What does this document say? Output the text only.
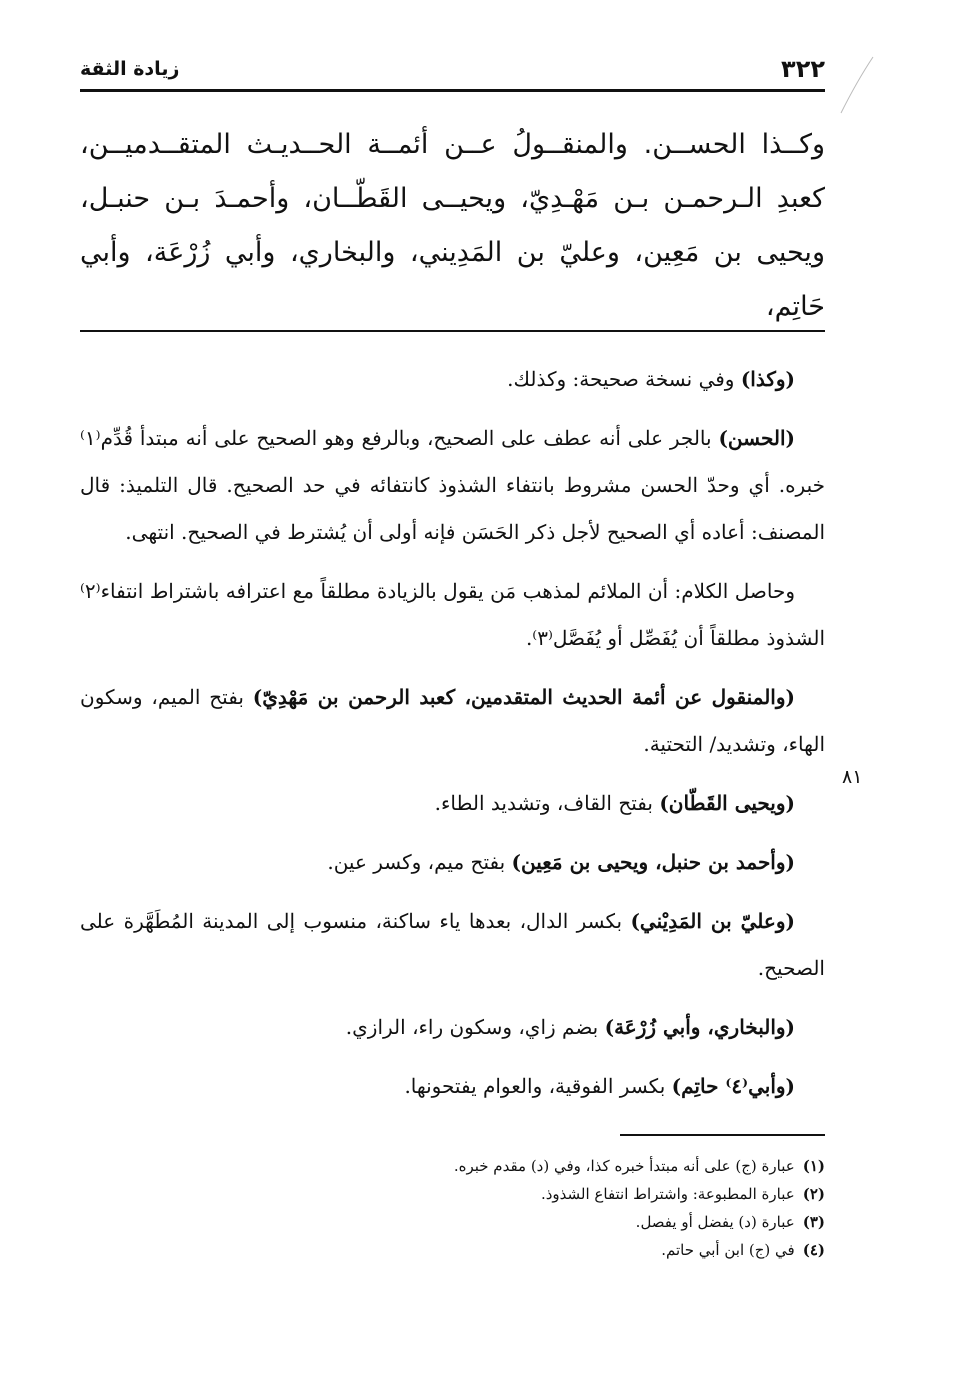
٣٢٢
زيادة الثقة
وكــذا الحســن. والمنقــولُ عــن أئمــة الحــديـث المتقــدميــن، كعبدِ الـرحمـن بـن مَهْـدِيّ، ويحيــى القَطّــان، وأحمـدَ بـن حنبـل، ويحيى بن مَعِين، وعليّ بن المَدِيني، والبخاري، وأبي زُرْعَة، وأبي حَاتِم،

(وكذا) وفي نسخة صحيحة: وكذلك.

(الحسن) بالجر على أنه عطف على الصحيح، وبالرفع وهو الصحيح على أنه مبتدأ قُدِّم⁽١⁾ خبره. أي وحدّ الحسن مشروط بانتفاء الشذوذ كانتفائه في حد الصحيح. قال التلميذ: قال المصنف: أعاده أي الصحيح لأجل ذكر الحَسَن فإنه أولى أن يُشترط في الصحيح. انتهى.

وحاصل الكلام: أن الملائم لمذهب مَن يقول بالزيادة مطلقاً مع اعترافه باشتراط انتفاء⁽٢⁾ الشذوذ مطلقاً أن يُفَصِّل أو يُفَصَّل⁽٣⁾.

(والمنقول عن أئمة الحديث المتقدمين، كعبد الرحمن بن مَهْدِيّ) بفتح الميم، وسكون الهاء، وتشديد/ التحتية.

(ويحيى القَطّان) بفتح القاف، وتشديد الطاء.

(وأحمد بن حنبل، ويحيى بن مَعِين) بفتح ميم، وكسر عين.

(وعليّ بن المَدِيْني) بكسر الدال، بعدها ياء ساكنة، منسوب إلى المدينة المُطَهَّرة على الصحيح.

(والبخاري، وأبي زُرْعَة) بضم زاي، وسكون راء، الرازي.

(وأبي⁽٤⁾ حاتِم) بكسر الفوقية، والعوام يفتحونها.

٨١
(١)عبارة (ج) على أنه مبتدأ خبره كذا، وفي (د) مقدم خبره.
(٢)عبارة المطبوعة: واشتراط انتفاع الشذوذ.
(٣)عبارة (د) يفضل أو يفصل.
(٤)في (ج) ابن أبي حاتم.
